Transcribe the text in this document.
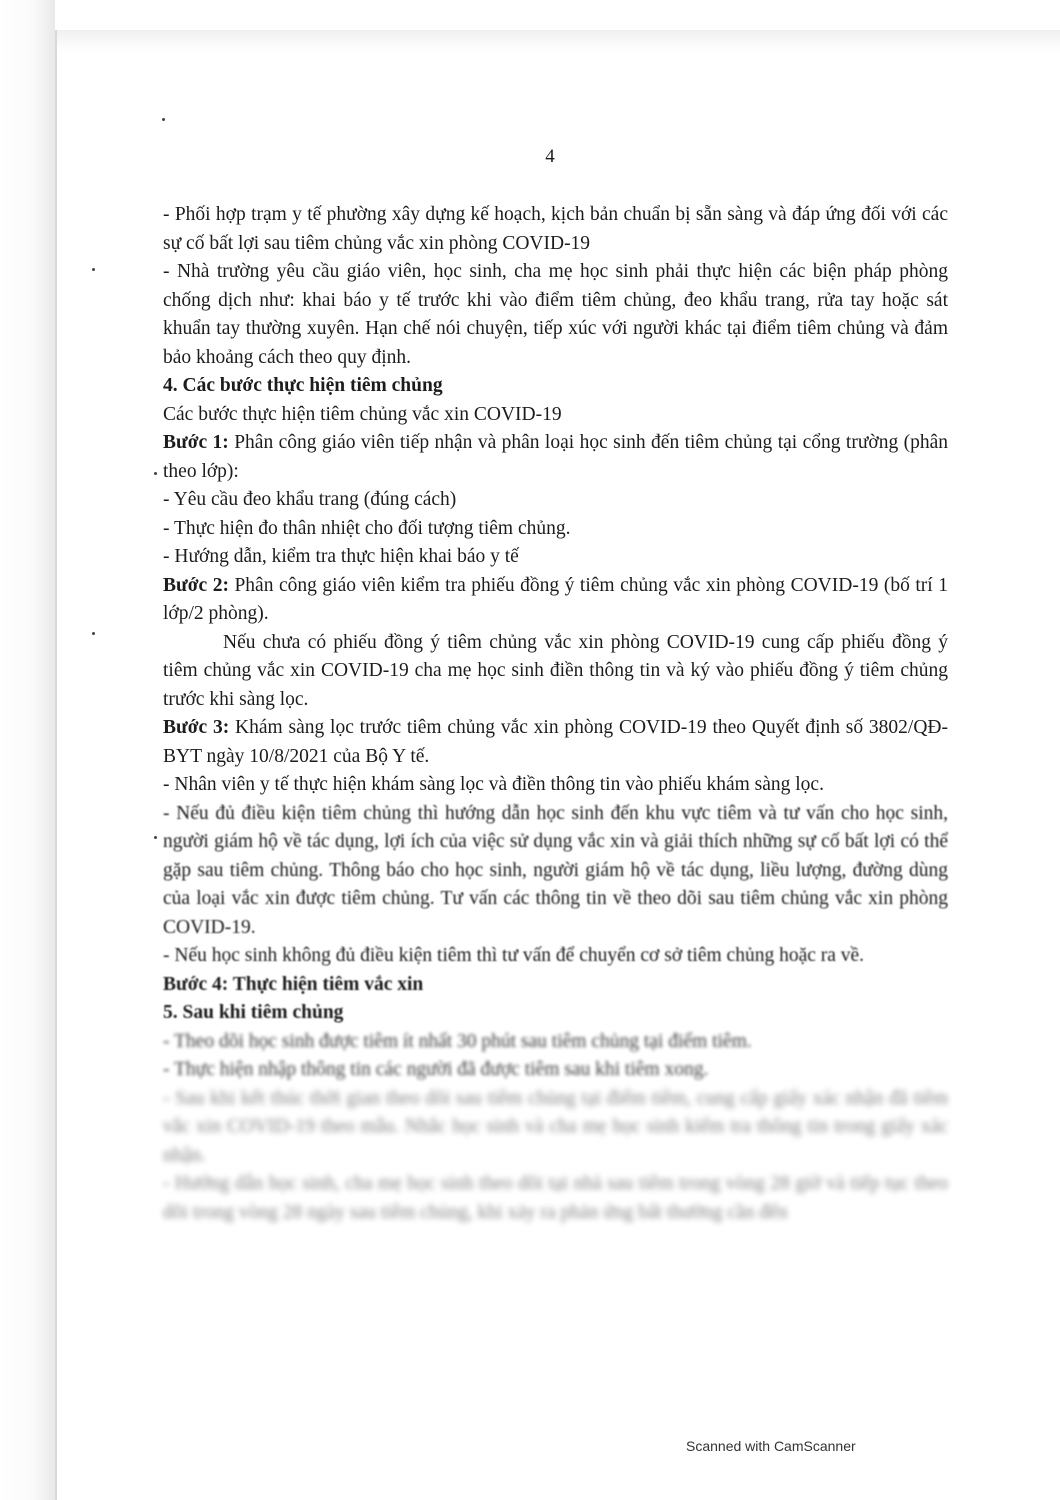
4

- Phối hợp trạm y tế phường xây dựng kế hoạch, kịch bản chuẩn bị sẵn sàng và đáp ứng đối với các sự cố bất lợi sau tiêm chủng vắc xin phòng COVID-19

- Nhà trường yêu cầu giáo viên, học sinh, cha mẹ học sinh phải thực hiện các biện pháp phòng chống dịch như: khai báo y tế trước khi vào điểm tiêm chủng, đeo khẩu trang, rửa tay hoặc sát khuẩn tay thường xuyên. Hạn chế nói chuyện, tiếp xúc với người khác tại điểm tiêm chủng và đảm bảo khoảng cách theo quy định.

4. Các bước thực hiện tiêm chủng

Các bước thực hiện tiêm chủng vắc xin COVID-19

Bước 1: Phân công giáo viên tiếp nhận và phân loại học sinh đến tiêm chủng tại cổng trường (phân theo lớp):

- Yêu cầu đeo khẩu trang (đúng cách)

- Thực hiện đo thân nhiệt cho đối tượng tiêm chủng.

- Hướng dẫn, kiểm tra thực hiện khai báo y tế

Bước 2: Phân công giáo viên kiểm tra phiếu đồng ý tiêm chủng vắc xin phòng COVID-19 (bố trí 1 lớp/2 phòng).

Nếu chưa có phiếu đồng ý tiêm chủng vắc xin phòng COVID-19 cung cấp phiếu đồng ý tiêm chủng vắc xin COVID-19 cha mẹ học sinh điền thông tin và ký vào phiếu đồng ý tiêm chủng trước khi sàng lọc.

Bước 3: Khám sàng lọc trước tiêm chủng vắc xin phòng COVID-19 theo Quyết định số 3802/QĐ-BYT ngày 10/8/2021 của Bộ Y tế.

- Nhân viên y tế thực hiện khám sàng lọc và điền thông tin vào phiếu khám sàng lọc.

- Nếu đủ điều kiện tiêm chủng thì hướng dẫn học sinh đến khu vực tiêm và tư vấn cho học sinh, người giám hộ về tác dụng, lợi ích của việc sử dụng vắc xin và giải thích những sự cố bất lợi có thể gặp sau tiêm chủng. Thông báo cho học sinh, người giám hộ về tác dụng, liều lượng, đường dùng của loại vắc xin được tiêm chủng. Tư vấn các thông tin về theo dõi sau tiêm chủng vắc xin phòng COVID-19.

- Nếu học sinh không đủ điều kiện tiêm thì tư vấn để chuyển cơ sở tiêm chủng hoặc ra về.

Bước 4: Thực hiện tiêm vắc xin

5. Sau khi tiêm chủng

- Theo dõi học sinh được tiêm ít nhất 30 phút sau tiêm chủng tại điểm tiêm.

- Thực hiện nhập thông tin các người đã được tiêm sau khi tiêm xong.

- Sau khi kết thúc thời gian theo dõi sau tiêm chủng tại điểm tiêm, cung cấp giấy xác nhận đã tiêm vắc xin COVID-19 theo mẫu. Nhắc học sinh và cha mẹ học sinh kiểm tra thông tin trong giấy xác nhận.

- Hướng dẫn học sinh, cha mẹ học sinh theo dõi tại nhà sau tiêm trong vòng 28 giờ và tiếp tục theo dõi trong vòng 28 ngày sau tiêm chủng, khi xảy ra phản ứng bất thường cần đến

Scanned with CamScanner
